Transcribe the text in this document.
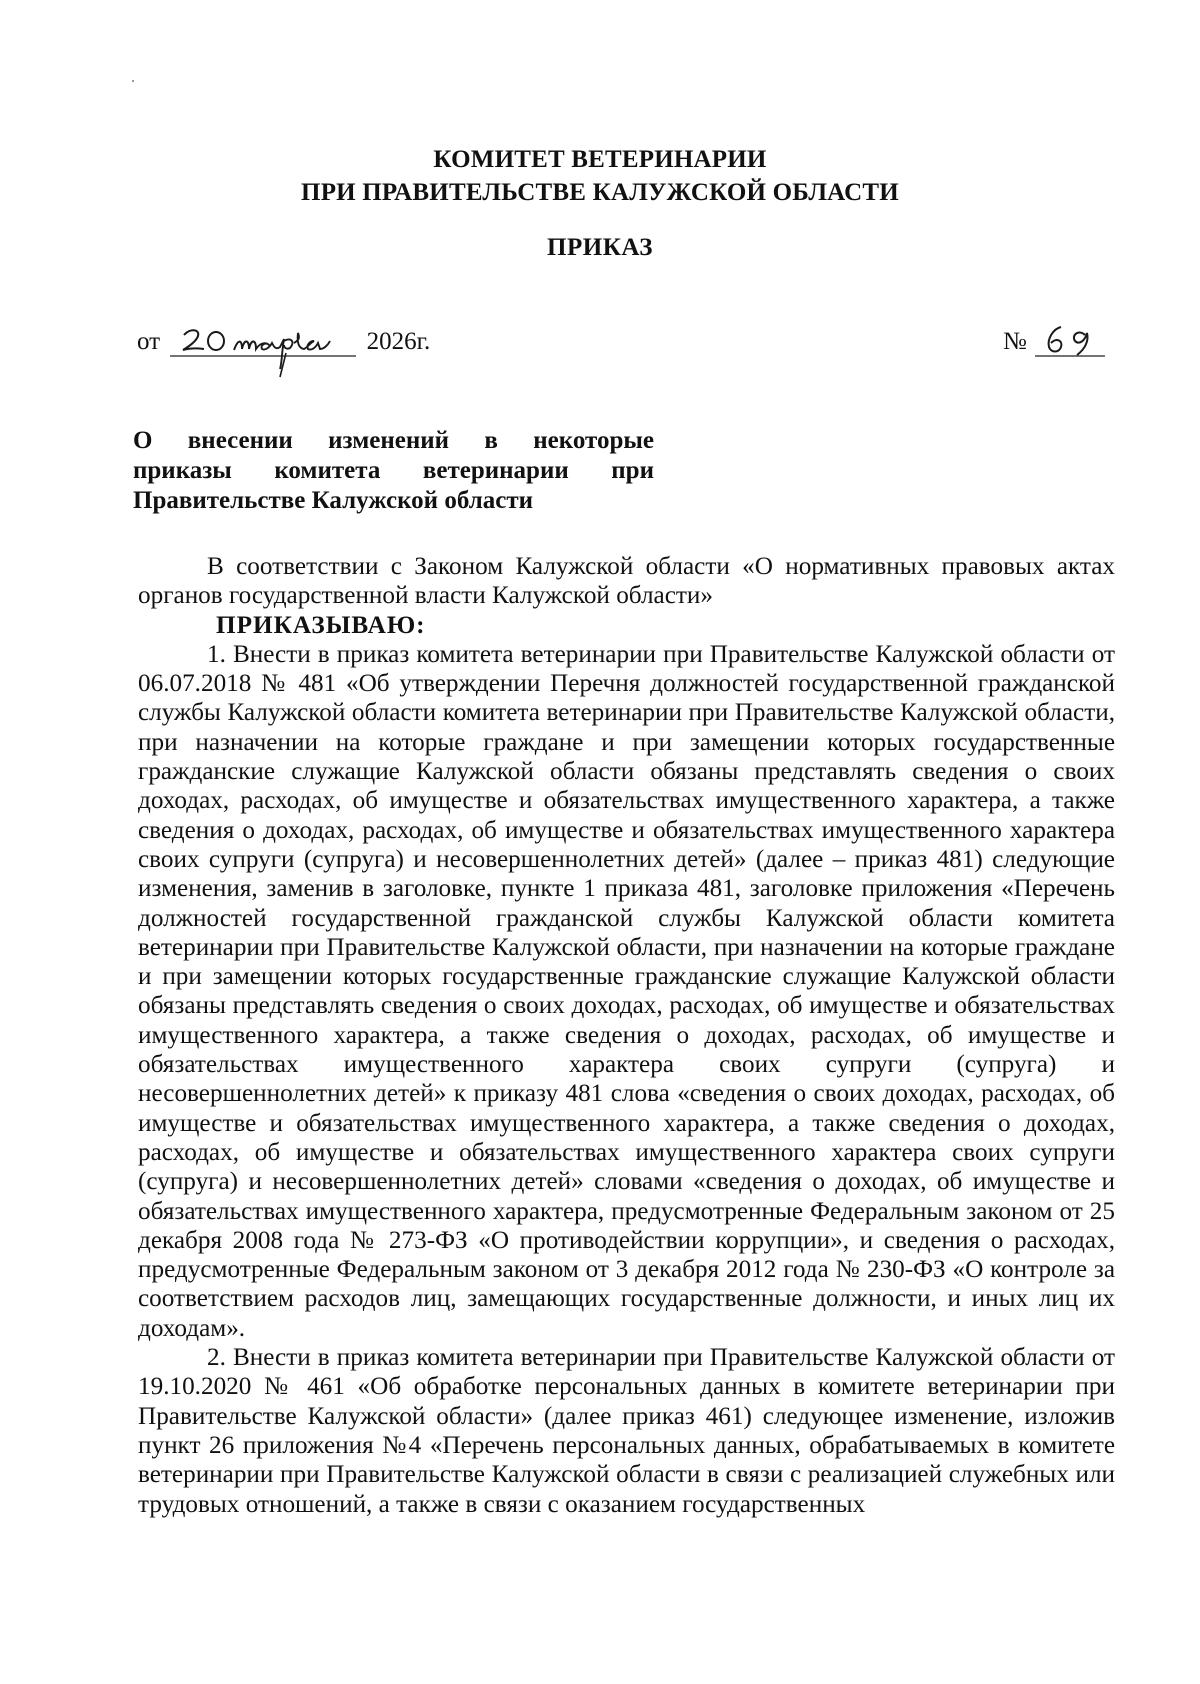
КОМИТЕТ ВЕТЕРИНАРИИ
ПРИ ПРАВИТЕЛЬСТВЕ КАЛУЖСКОЙ ОБЛАСТИ
ПРИКАЗ
от	2026г.	№
О внесении изменений в некоторые
приказы комитета ветеринарии при
Правительстве Калужской области

В соответствии с Законом Калужской области «О нормативных правовых актах органов государственной власти Калужской области»

ПРИКАЗЫВАЮ:

1. Внести в приказ комитета ветеринарии при Правительстве Калужской области от 06.07.2018 № 481 «Об утверждении Перечня должностей государственной гражданской службы Калужской области комитета ветеринарии при Правительстве Калужской области, при назначении на которые граждане и при замещении которых государственные гражданские служащие Калужской области обязаны представлять сведения о своих доходах, расходах, об имуществе и обязательствах имущественного характера, а также сведения о доходах, расходах, об имуществе и обязательствах имущественного характера своих супруги (супруга) и несовершеннолетних детей» (далее – приказ 481) следующие изменения, заменив в заголовке, пункте 1 приказа 481, заголовке приложения «Перечень должностей государственной гражданской службы Калужской области комитета ветеринарии при Правительстве Калужской области, при назначении на которые граждане и при замещении которых государственные гражданские служащие Калужской области обязаны представлять сведения о своих доходах, расходах, об имуществе и обязательствах имущественного характера, а также сведения о доходах, расходах, об имуществе и обязательствах имущественного характера своих супруги (супруга) и несовершеннолетних детей» к приказу 481 слова «сведения о своих доходах, расходах, об имуществе и обязательствах имущественного характера, а также сведения о доходах, расходах, об имуществе и обязательствах имущественного характера своих супруги (супруга) и несовершеннолетних детей» словами «сведения о доходах, об имуществе и обязательствах имущественного характера, предусмотренные Федеральным законом от 25 декабря 2008 года № 273-ФЗ «О противодействии коррупции», и сведения о расходах, предусмотренные Федеральным законом от 3 декабря 2012 года № 230-ФЗ «О контроле за соответствием расходов лиц, замещающих государственные должности, и иных лиц их доходам».

2. Внести в приказ комитета ветеринарии при Правительстве Калужской области от 19.10.2020 № 461 «Об обработке персональных данных в комитете ветеринарии при Правительстве Калужской области» (далее приказ 461) следующее изменение, изложив пункт 26 приложения №4 «Перечень персональных данных, обрабатываемых в комитете ветеринарии при Правительстве Калужской области в связи с реализацией служебных или трудовых отношений, а также в связи с оказанием государственных
